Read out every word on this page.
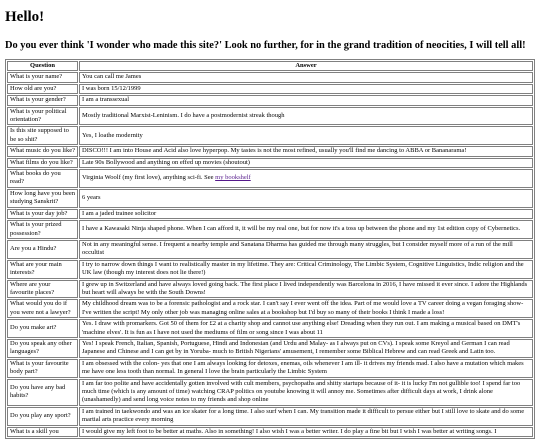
Hello!
Do you ever think 'I wonder who made this site?' Look no further, for in the grand tradition of neocities, I will tell all!
Question	Answer
What is your name?	You can call me James
How old are you?	I was born 15/12/1999
What is your gender?	I am a transsexual
What is your political orientation?	Mostly traditional Marxist-Leninism. I do have a postmodernist streak though
Is this site supposed to be so shit?	Yes, I loathe modernity
What music do you like?	DISCO!!! I am into House and Acid also love hyperpop. My tastes is not the most refined, usually you'll find me dancing to ABBA or Bananarama!
What films do you like?	Late 90s Bollywood and anything on effed up movies (shoutout)
What books do you read?	Virginia Woolf (my first love), anything sci-fi. See my bookshelf
How long have you been studying Sanskrit?	6 years
What is your day job?	I am a jaded trainee solicitor
What is your prized possession?	I have a Kawasaki Ninja shaped phone. When I can afford it, it will be my real one, but for now it's a toss up between the phone and my 1st edition copy of Cybernetics.
Are you a Hindu?	Not in any meaningful sense. I frequent a nearby temple and Sanatana Dharma has guided me through many struggles, but I consider myself more of a run of the mill occultist
What are your main interests?	I try to narrow down things I want to realistically master in my lifetime. They are: Critical Criminology, The Limbic System, Cognitive Linguistics, Indic religion and the UK law (though my interest does not lie there!)
Where are your favourite places?	I grew up in Switzerland and have always loved going back. The first place I lived independently was Barcelona in 2016, I have missed it ever since. I adore the Highlands but heart will always be with the South Downs!
What would you do if you were not a lawyer?	My childhood dream was to be a forensic pathologist and a rock star. I can't say I ever went off the idea. Part of me would love a TV career doing a vegan foraging show- I've written the script! My only other job was managing online sales at a bookshop but I'd buy so many of their books I think I made a loss!
Do you make art?	Yes. I draw with promarkers. Got 50 of them for £2 at a charity shop and cannot use anything else! Dreading when they run out. I am making a musical based on DMT's 'machine elves'. It is fun as I have not used the mediums of film or song since I was about 11
Do you speak any other languages?	Yes! I speak French, Italian, Spanish, Portuguese, Hindi and Indonesian (and Urdu and Malay- as I always put on CVs). I speak some Kreyol and German I can read Japanese and Chinese and I can get by in Yoruba- much to British Nigerians' amusement, I remember some Biblical Hebrew and can read Greek and Latin too.
What is your favourite body part?	I am obsessed with the colon- yes that one I am always looking for detoxes, enemas, oils whenever I am ill- it drives my friends mad. I also have a mutation which makes me have one less tooth than normal. In general I love the brain particularly the Limbic System
Do you have any bad habits?	I am far too polite and have accidentally gotten involved with cult members, psychopaths and shitty startups because of it- it is lucky I'm not gullible too! I spend far too much time (which is any amount of time) watching CRAP politics on youtube knowing it will annoy me. Sometimes after difficult days at work, I drink alone (unashamedly) and send long voice notes to my friends and shop online
Do you play any sport?	I am trained in taekwondo and was an ice skater for a long time. I also surf when I can. My transition made it difficult to persue either but I still love to skate and do some martial arts practice every morning
What is a skill you	I would give my left foot to be better at maths. Also in something! I also wish I was a better writer. I do play a fine bit but I wish I was better at writing songs. I
